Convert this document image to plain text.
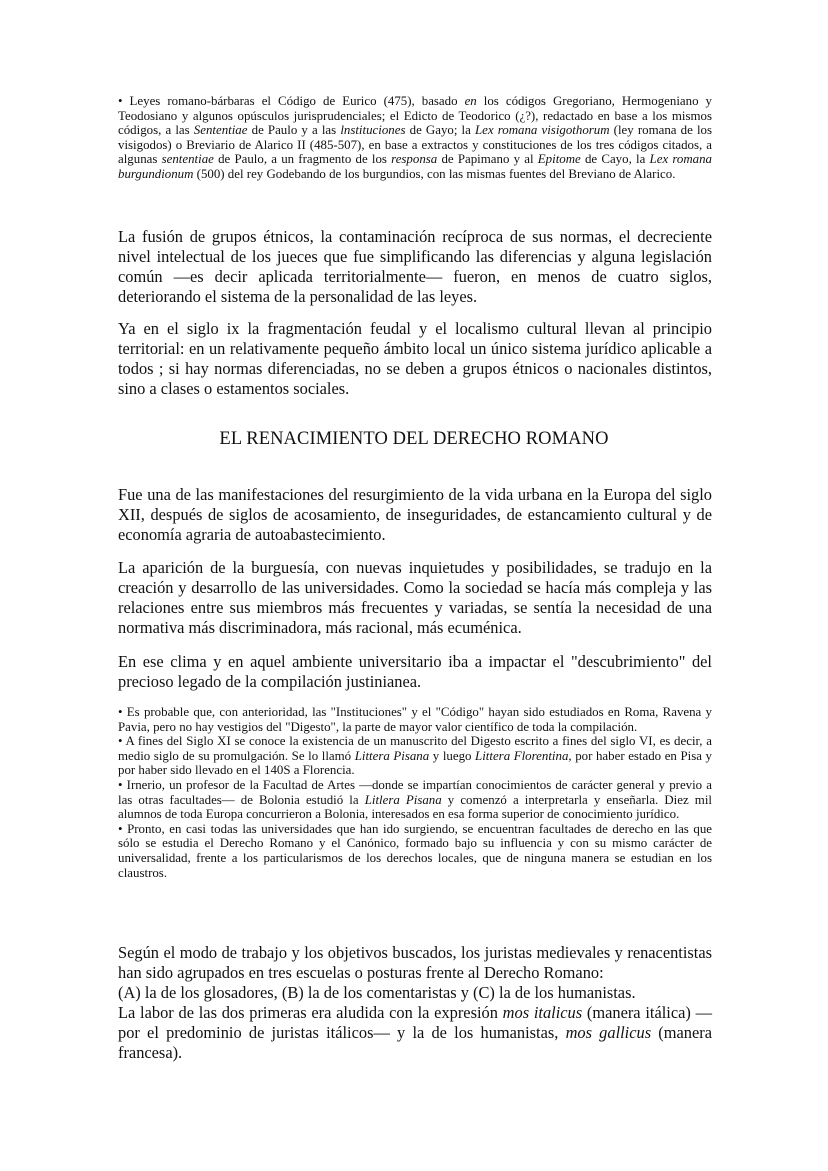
EL RENACIMIENTO DEL DERECHO ROMANO
• Leyes romano-bárbaras el Código de Eurico (475), basado en los códigos Gregoriano, Hermogeniano y Teodosiano y algunos opúsculos jurisprudenciales; el Edicto de Teodorico (¿?), redactado en base a los mismos códigos, a las Sententiae de Paulo y a las lnstituciones de Gayo; la Lex romana visigothorum (ley romana de los visigodos) o Breviario de Alarico II (485-507), en base a extractos y constituciones de los tres códigos citados, a algunas sententiae de Paulo, a un fragmento de los responsa de Papimano y al Epitome de Cayo, la Lex romana burgundionum (500) del rey Godebando de los burgundios, con las mismas fuentes del Breviano de Alarico.
La fusión de grupos étnicos, la contaminación recíproca de sus normas, el decreciente nivel intelectual de los jueces que fue simplificando las diferencias y alguna legislación común —es decir aplicada territorialmente— fueron, en menos de cuatro siglos, deteriorando el sistema de la personalidad de las leyes.
Ya en el siglo ix la fragmentación feudal y el localismo cultural llevan al principio territorial: en un relativamente pequeño ámbito local un único sistema jurídico aplicable a todos ; si hay normas diferenciadas, no se deben a grupos étnicos o nacionales distintos, sino a clases o estamentos sociales.
Fue una de las manifestaciones del resurgimiento de la vida urbana en la Europa del siglo XII, después de siglos de acosamiento, de inseguridades, de estancamiento cultural y de economía agraria de autoabastecimiento.
La aparición de la burguesía, con nuevas inquietudes y posibilidades, se tradujo en la creación y desarrollo de las universidades. Como la sociedad se hacía más compleja y las relaciones entre sus miembros más frecuentes y variadas, se sentía la necesidad de una normativa más discriminadora, más racional, más ecuménica.
En ese clima y en aquel ambiente universitario iba a impactar el "descubrimiento" del precioso legado de la compilación justinianea.
• Es probable que, con anterioridad, las "Instituciones" y el "Código" hayan sido estudiados en Roma, Ravena y Pavia, pero no hay vestigios del "Digesto", la parte de mayor valor científico de toda la compilación.
• A fines del Siglo XI se conoce la existencia de un manuscrito del Digesto escrito a fines del siglo VI, es decir, a medio siglo de su promulgación. Se lo llamó Littera Pisana y luego Littera Florentina, por haber estado en Pisa y por haber sido llevado en el 140S a Florencia.
• Irnerio, un profesor de la Facultad de Artes —donde se impartían conocimientos de carácter general y previo a las otras facultades— de Bolonia estudió la Litlera Pisana y comenzó a interpretarla y enseñarla. Diez mil alumnos de toda Europa concurrieron a Bolonia, interesados en esa forma superior de conocimiento jurídico.
• Pronto, en casi todas las universidades que han ido surgiendo, se encuentran facultades de derecho en las que sólo se estudia el Derecho Romano y el Canónico, formado bajo su influencia y con su mismo carácter de universalidad, frente a los particularismos de los derechos locales, que de ninguna manera se estudian en los claustros.
Según el modo de trabajo y los objetivos buscados, los juristas medievales y renacentistas han sido agrupados en tres escuelas o posturas frente al Derecho Romano:
(A) la de los glosadores, (B) la de los comentaristas y (C) la de los humanistas.
La labor de las dos primeras era aludida con la expresión mos italicus (manera itálica) —por el predominio de juristas itálicos— y la de los humanistas, mos gallicus (manera francesa).
